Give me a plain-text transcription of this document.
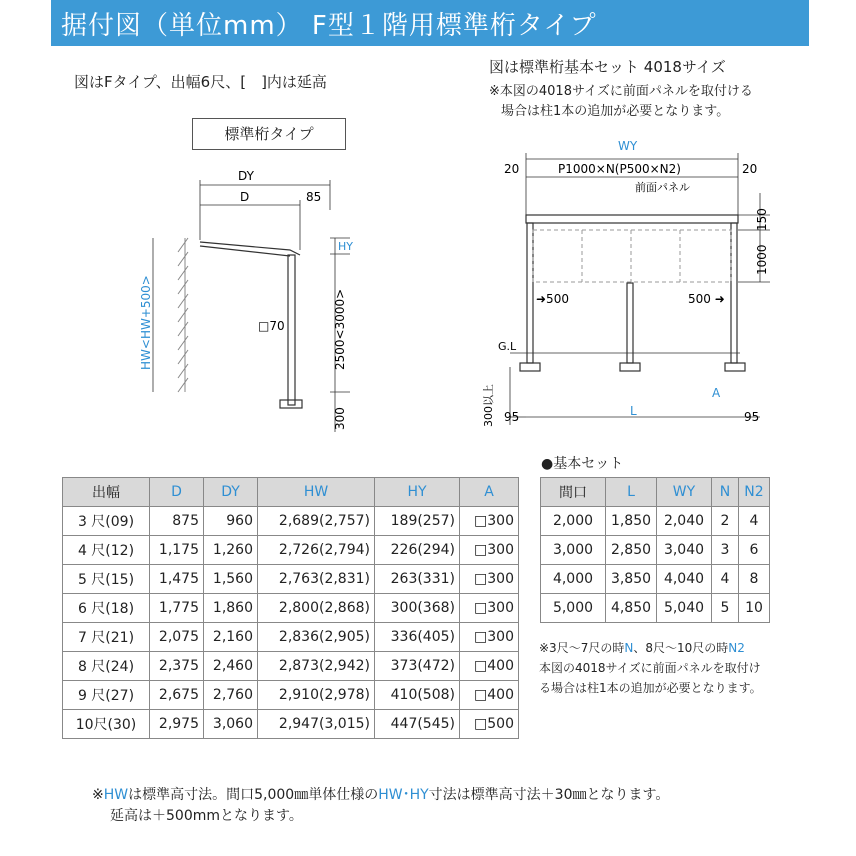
据付図（単位mm） F型１階用標準桁タイプ
図はFタイプ、出幅6尺、[　]内は延高
図は標準桁基本セット 4018サイズ
※本図の4018サイズに前面パネルを取付ける
場合は柱1本の追加が必要となります。
標準桁タイプ
DY
D	85
HY
HW<HW+500>	□70	2500<3000>
300
WY
20	20
P1000×N(P500×N2)
前面パネル
150
1000
➜500	500 ➜
G.L
A
300以上 95	95
L
出幅	D	DY	HW	HY	A
3 尺(09)	875	960	2,689(2,757)	189(257)	□300
4 尺(12)	1,175	1,260	2,726(2,794)	226(294)	□300
5 尺(15)	1,475	1,560	2,763(2,831)	263(331)	□300
6 尺(18)	1,775	1,860	2,800(2,868)	300(368)	□300
7 尺(21)	2,075	2,160	2,836(2,905)	336(405)	□300
8 尺(24)	2,375	2,460	2,873(2,942)	373(472)	□400
9 尺(27)	2,675	2,760	2,910(2,978)	410(508)	□400
10尺(30)	2,975	3,060	2,947(3,015)	447(545)	□500
●基本セット
間口	L	WY	N	N2
2,000	1,850	2,040	2	4
3,000	2,850	3,040	3	6
4,000	3,850	4,040	4	8
5,000	4,850	5,040	5	10
※3尺～7尺の時N、8尺～10尺の時N2
本図の4018サイズに前面パネルを取付け
る場合は柱1本の追加が必要となります。
※HWは標準高寸法。間口5,000㎜単体仕様のHW･HY寸法は標準高寸法＋30㎜となります。
延高は＋500mmとなります。
